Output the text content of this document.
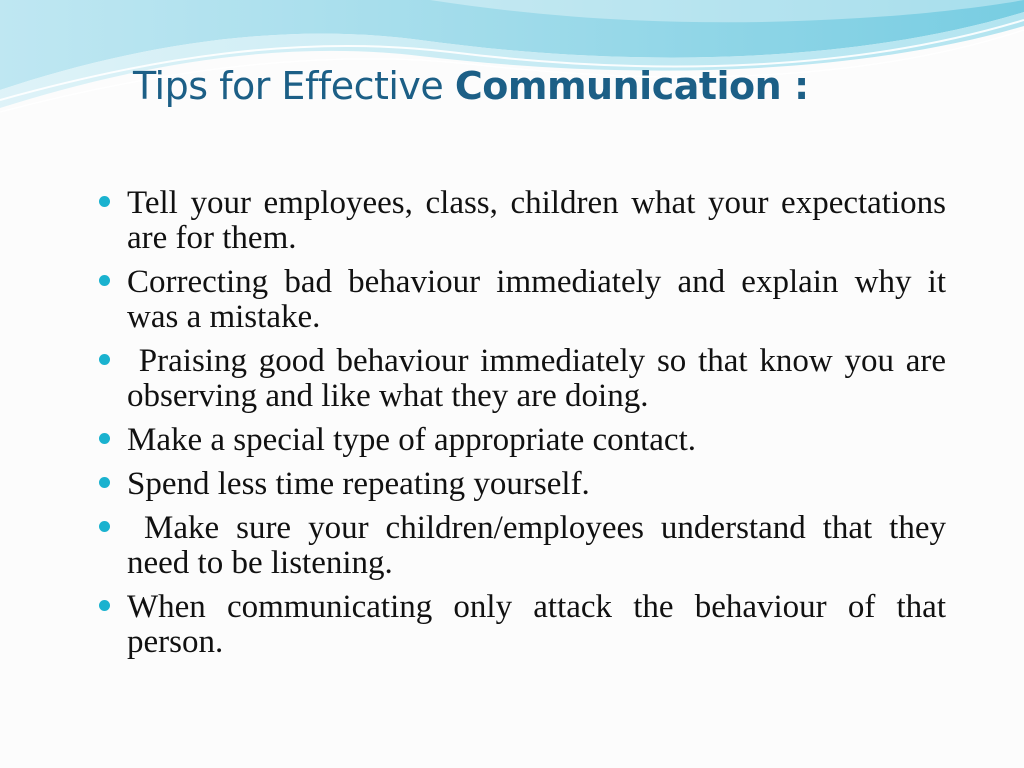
Tips for Effective Communication :
Tell your employees, class, children what your expectations are for them.
Correcting bad behaviour immediately and explain why it was a mistake.
Praising good behaviour immediately so that know you are observing and like what they are doing.
Make a special type of appropriate contact.
Spend less time repeating yourself.
Make sure your children/employees understand that they need to be listening.
When communicating only attack the behaviour of that person.
